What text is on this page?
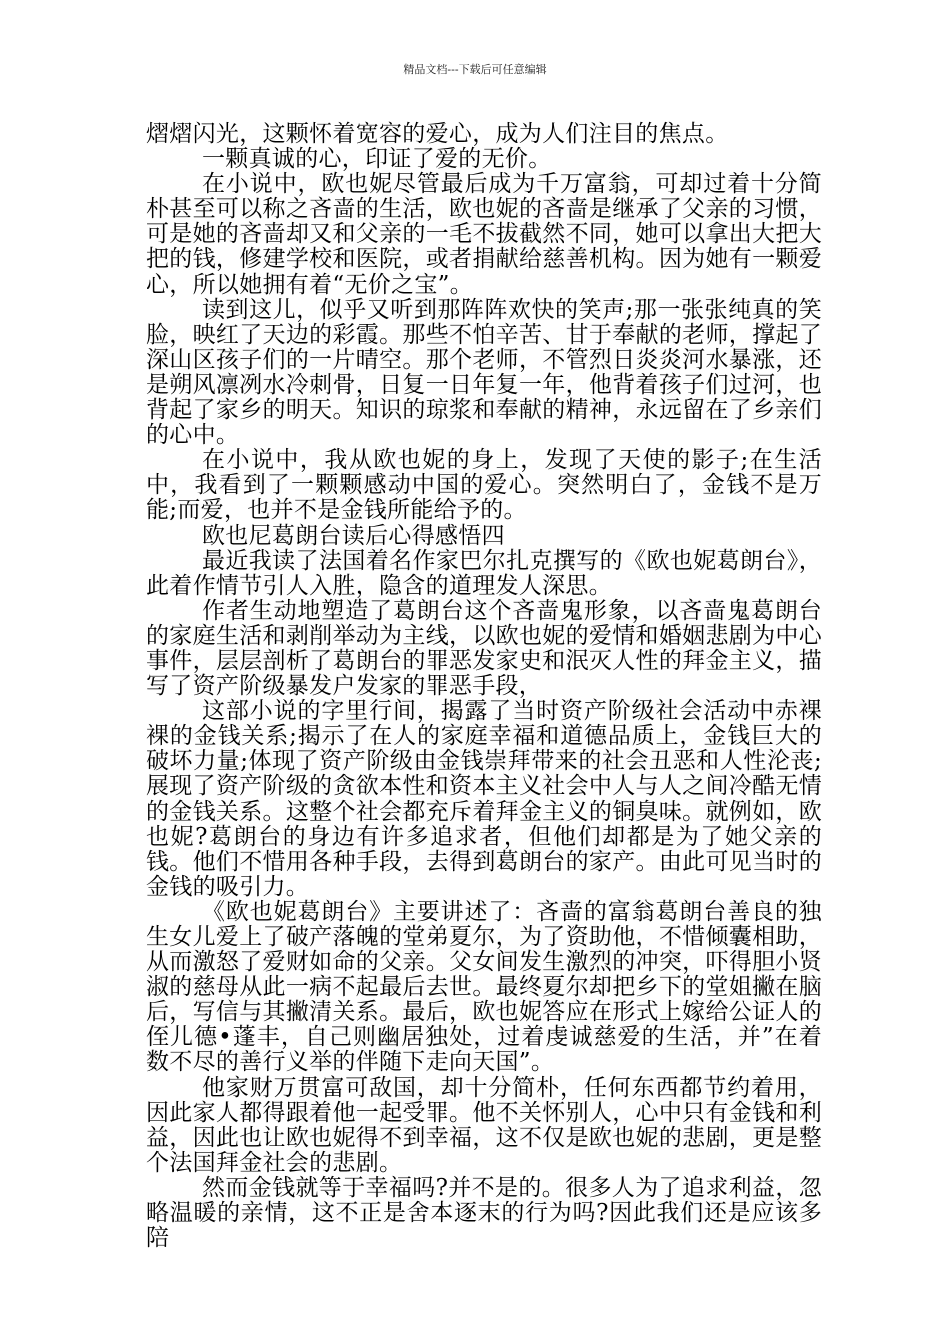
精品文档---下载后可任意编辑

熠熠闪光，这颗怀着宽容的爱心，成为人们注目的焦点。

一颗真诚的心，印证了爱的无价。

在小说中，欧也妮尽管最后成为千万富翁，可却过着十分简朴甚至可以称之吝啬的生活，欧也妮的吝啬是继承了父亲的习惯，可是她的吝啬却又和父亲的一毛不拔截然不同，她可以拿出大把大把的钱，修建学校和医院，或者捐献给慈善机构。因为她有一颗爱心，所以她拥有着“无价之宝”。

读到这儿，似乎又听到那阵阵欢快的笑声;那一张张纯真的笑脸，映红了天边的彩霞。那些不怕辛苦、甘于奉献的老师，撑起了深山区孩子们的一片晴空。那个老师，不管烈日炎炎河水暴涨，还是朔风凛冽水冷刺骨，日复一日年复一年，他背着孩子们过河，也背起了家乡的明天。知识的琼浆和奉献的精神，永远留在了乡亲们的心中。

在小说中，我从欧也妮的身上，发现了天使的影子;在生活中，我看到了一颗颗感动中国的爱心。突然明白了，金钱不是万能;而爱，也并不是金钱所能给予的。

欧也尼葛朗台读后心得感悟四

最近我读了法国着名作家巴尔扎克撰写的《欧也妮葛朗台》，此着作情节引人入胜，隐含的道理发人深思。

作者生动地塑造了葛朗台这个吝啬鬼形象，以吝啬鬼葛朗台的家庭生活和剥削举动为主线，以欧也妮的爱情和婚姻悲剧为中心事件，层层剖析了葛朗台的罪恶发家史和泯灭人性的拜金主义，描写了资产阶级暴发户发家的罪恶手段，

这部小说的字里行间，揭露了当时资产阶级社会活动中赤裸裸的金钱关系;揭示了在人的家庭幸福和道德品质上，金钱巨大的破坏力量;体现了资产阶级由金钱崇拜带来的社会丑恶和人性沦丧;展现了资产阶级的贪欲本性和资本主义社会中人与人之间冷酷无情的金钱关系。这整个社会都充斥着拜金主义的铜臭味。就例如，欧也妮?葛朗台的身边有许多追求者，但他们却都是为了她父亲的钱。他们不惜用各种手段，去得到葛朗台的家产。由此可见当时的金钱的吸引力。

《欧也妮葛朗台》主要讲述了：吝啬的富翁葛朗台善良的独生女儿爱上了破产落魄的堂弟夏尔，为了资助他，不惜倾囊相助，从而激怒了爱财如命的父亲。父女间发生激烈的冲突，吓得胆小贤淑的慈母从此一病不起最后去世。最终夏尔却把乡下的堂姐撇在脑后，写信与其撇清关系。最后，欧也妮答应在形式上嫁给公证人的侄儿德•蓬丰，自己则幽居独处，过着虔诚慈爱的生活，并”在着数不尽的善行义举的伴随下走向天国”。

他家财万贯富可敌国，却十分简朴，任何东西都节约着用，因此家人都得跟着他一起受罪。他不关怀别人，心中只有金钱和利益，因此也让欧也妮得不到幸福，这不仅是欧也妮的悲剧，更是整个法国拜金社会的悲剧。

然而金钱就等于幸福吗?并不是的。很多人为了追求利益，忽略温暖的亲情，这不正是舍本逐末的行为吗?因此我们还是应该多陪
